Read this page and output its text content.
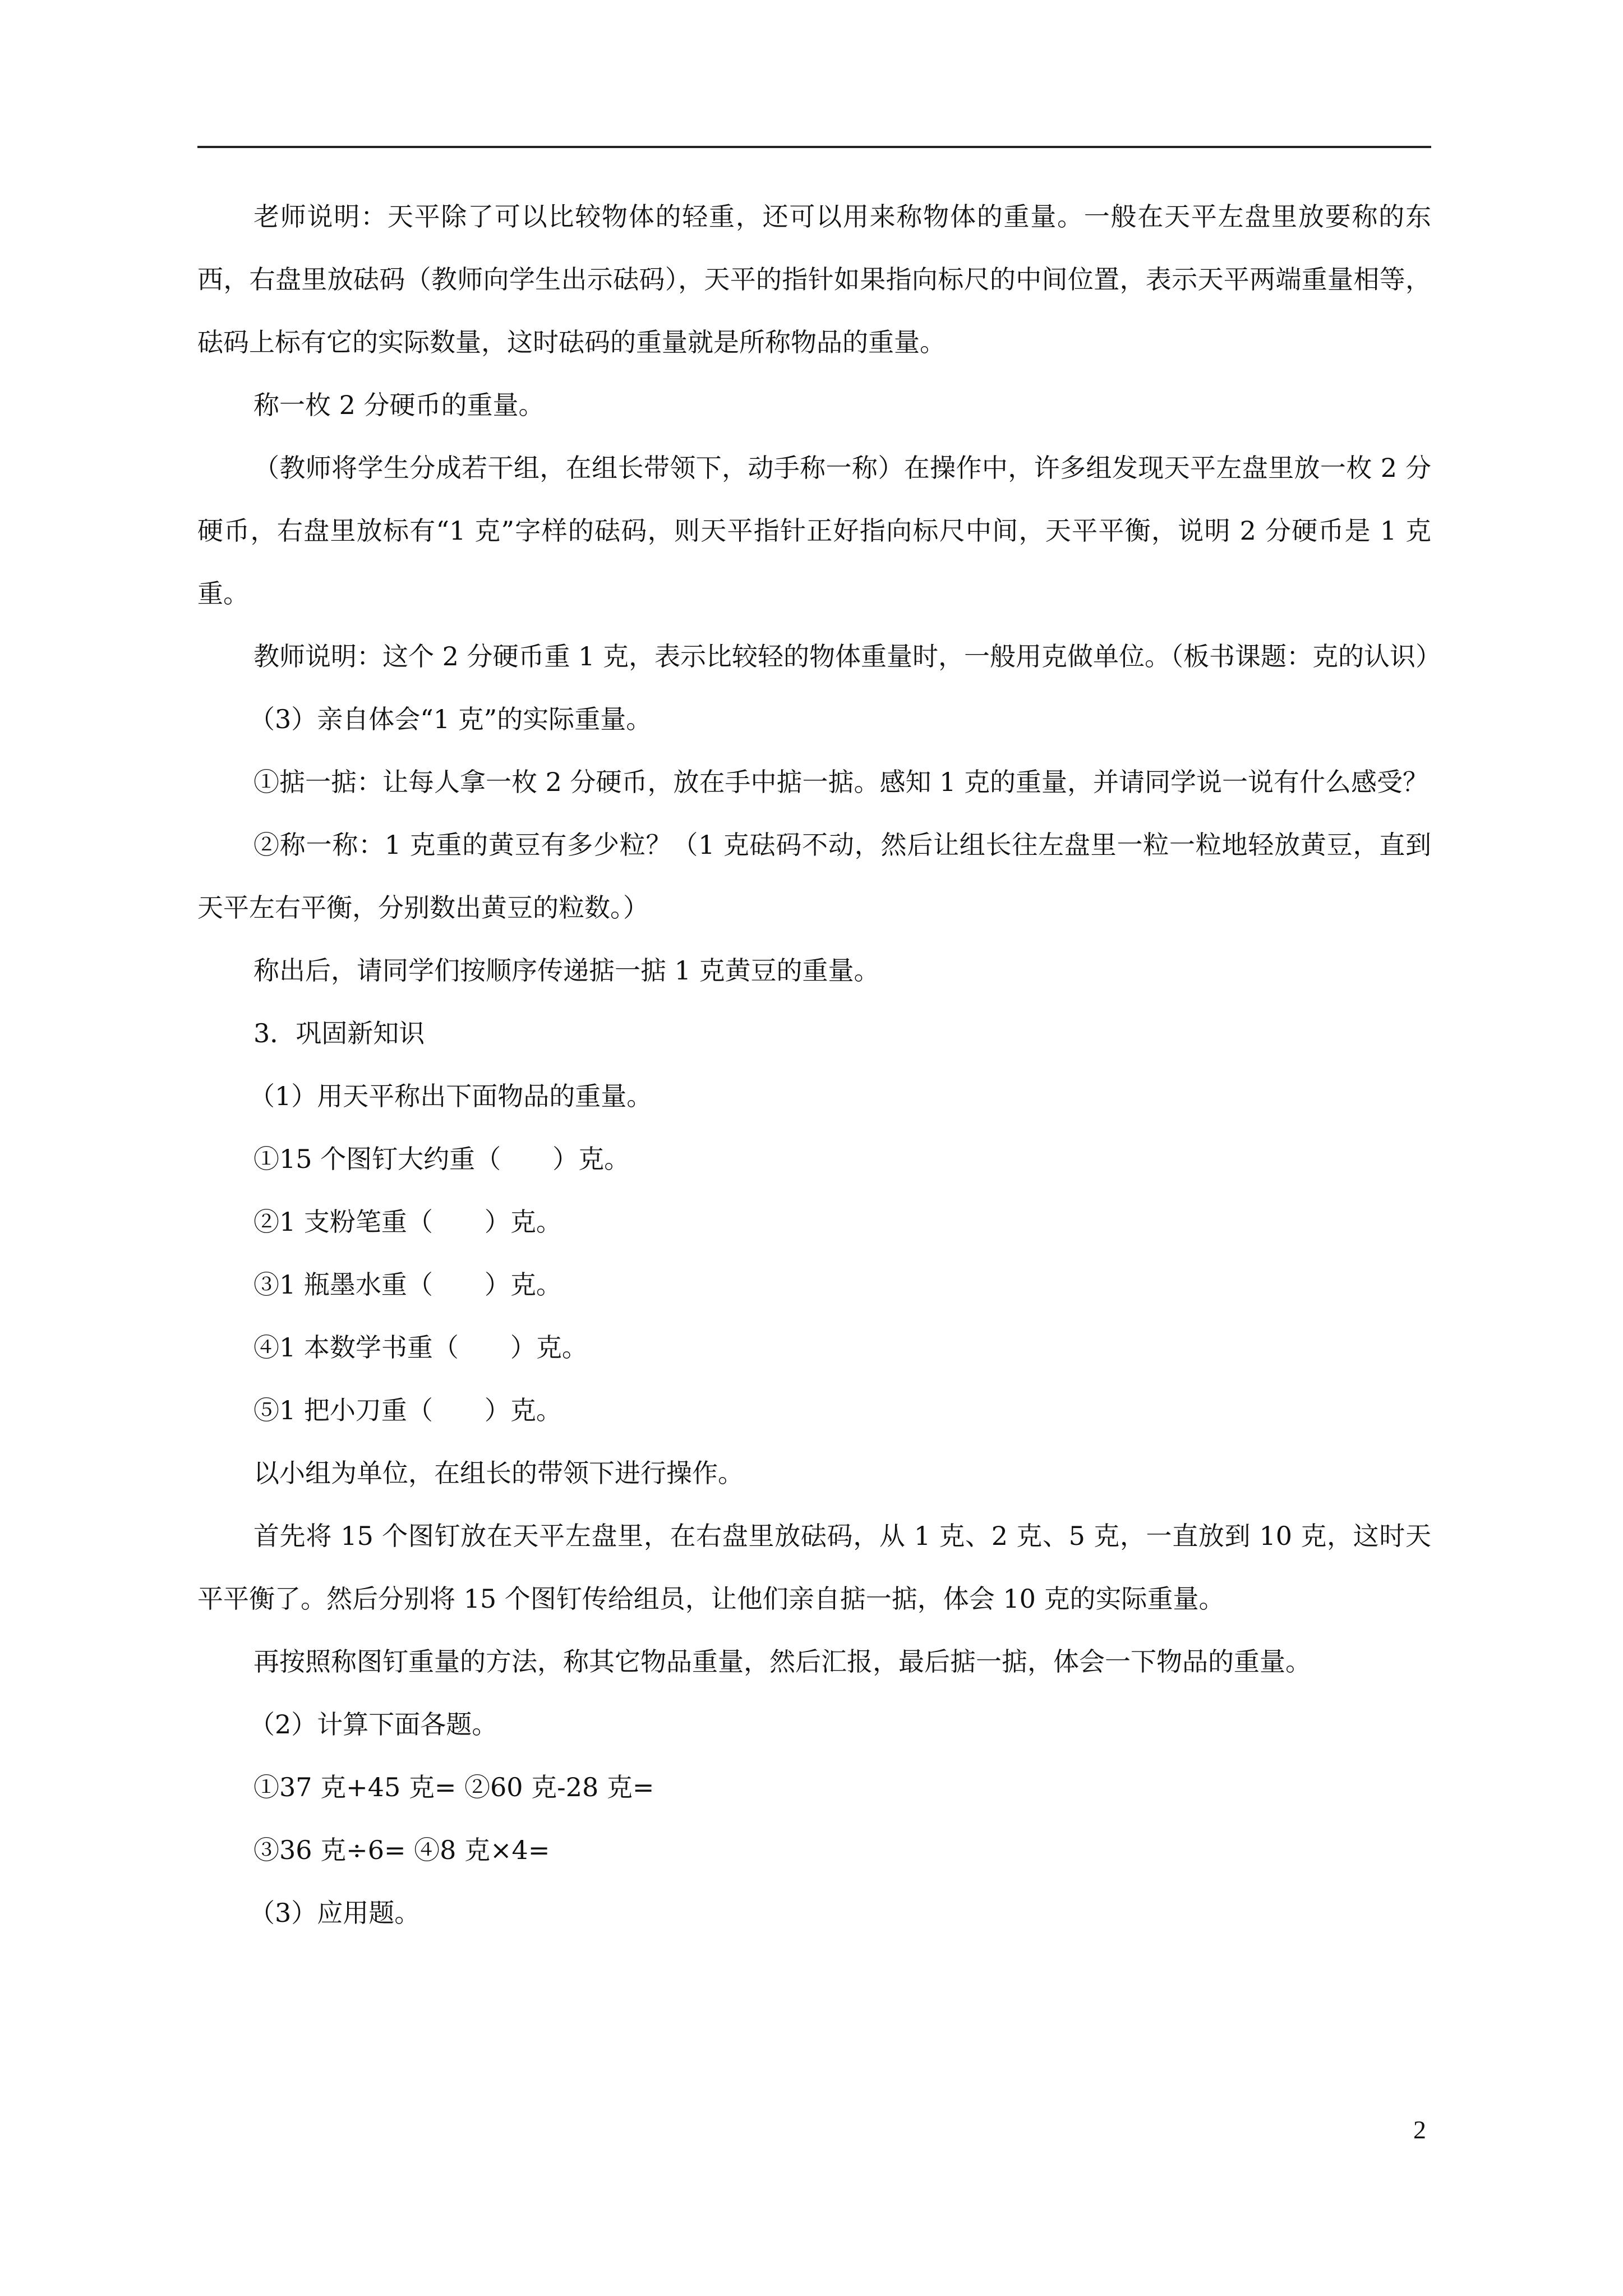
老师说明：天平除了可以比较物体的轻重，还可以用来称物体的重量。一般在天平左盘里放要称的东西，右盘里放砝码（教师向学生出示砝码），天平的指针如果指向标尺的中间位置，表示天平两端重量相等，砝码上标有它的实际数量，这时砝码的重量就是所称物品的重量。

称一枚 2 分硬币的重量。

（教师将学生分成若干组，在组长带领下，动手称一称）在操作中，许多组发现天平左盘里放一枚 2 分硬币，右盘里放标有“1 克”字样的砝码，则天平指针正好指向标尺中间，天平平衡，说明 2 分硬币是 1 克重。

教师说明：这个 2 分硬币重 1 克，表示比较轻的物体重量时，一般用克做单位。（板书课题：克的认识）

（3）亲自体会“1 克”的实际重量。

①掂一掂：让每人拿一枚 2 分硬币，放在手中掂一掂。感知 1 克的重量，并请同学说一说有什么感受？

②称一称：1 克重的黄豆有多少粒？（1 克砝码不动，然后让组长往左盘里一粒一粒地轻放黄豆，直到天平左右平衡，分别数出黄豆的粒数。）

称出后，请同学们按顺序传递掂一掂 1 克黄豆的重量。

3．巩固新知识

（1）用天平称出下面物品的重量。

①15 个图钉大约重（　　）克。

②1 支粉笔重（　　）克。

③1 瓶墨水重（　　）克。

④1 本数学书重（　　）克。

⑤1 把小刀重（　　）克。

以小组为单位，在组长的带领下进行操作。

首先将 15 个图钉放在天平左盘里，在右盘里放砝码，从 1 克、2 克、5 克，一直放到 10 克，这时天平平衡了。然后分别将 15 个图钉传给组员，让他们亲自掂一掂，体会 10 克的实际重量。

再按照称图钉重量的方法，称其它物品重量，然后汇报，最后掂一掂，体会一下物品的重量。

（2）计算下面各题。

①37 克+45 克= ②60 克-28 克=

③36 克÷6= ④8 克×4=

（3）应用题。

2
